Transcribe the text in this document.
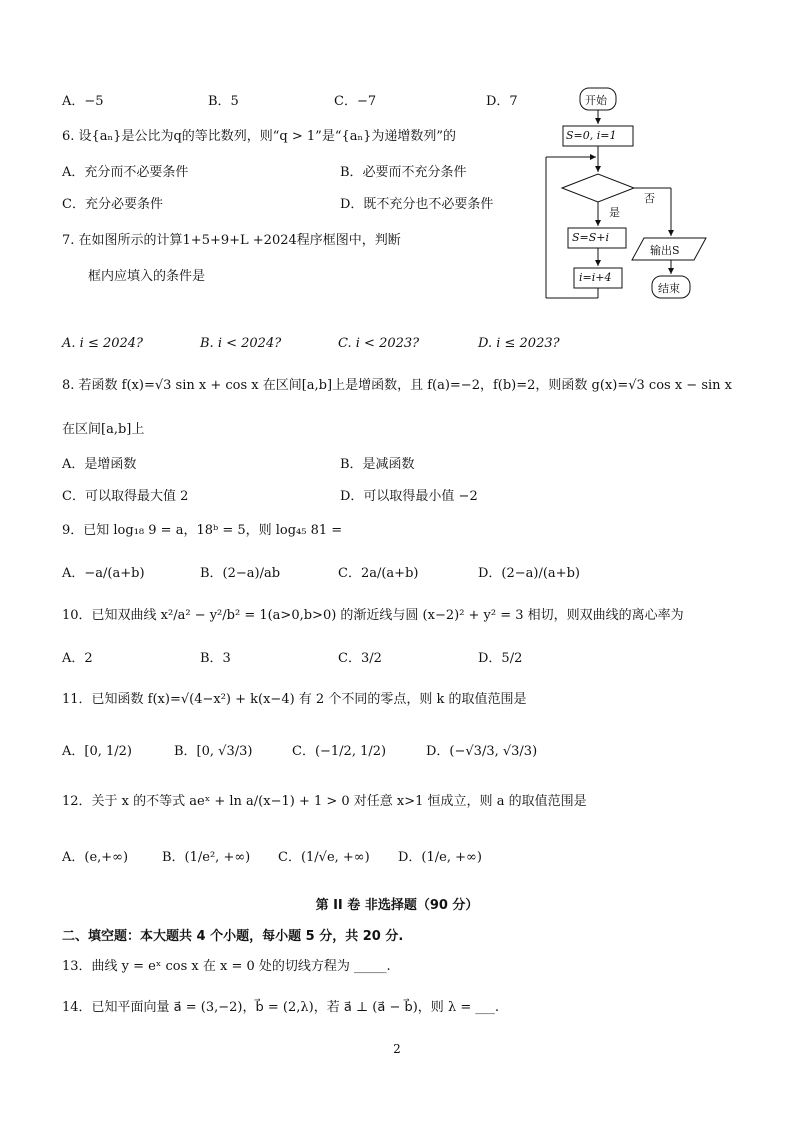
A．−5	B．5	C．−7	D．7
6. 设{aₙ}是公比为q的等比数列，则“q > 1”是“{aₙ}为递增数列”的
A．充分而不必要条件	B．必要而不充分条件
C．充分必要条件	D．既不充分也不必要条件
7. 在如图所示的计算1+5+9+L +2024程序框图中，判断
框内应填入的条件是
A. i ≤ 2024?	B. i < 2024?	C. i < 2023?	D. i ≤ 2023?
开始
S=0, i=1
否
是
S=S+i
i=i+4
输出S
结束
8. 若函数 f(x)=√3 sin x + cos x 在区间[a,b]上是增函数，且 f(a)=−2，f(b)=2，则函数 g(x)=√3 cos x − sin x
在区间[a,b]上
A．是增函数	B．是减函数
C．可以取得最大值 2	D．可以取得最小值 −2
9．已知 log₁₈ 9 = a，18ᵇ = 5，则 log₄₅ 81 =
A．−a/(a+b)	B．(2−a)/ab	C．2a/(a+b)	D．(2−a)/(a+b)
10．已知双曲线 x²/a² − y²/b² = 1(a>0,b>0) 的渐近线与圆 (x−2)² + y² = 3 相切，则双曲线的离心率为
A．2	B．3	C．3/2	D．5/2
11．已知函数 f(x)=√(4−x²) + k(x−4) 有 2 个不同的零点，则 k 的取值范围是
A．[0, 1/2)	B．[0, √3/3)	C．(−1/2, 1/2)	D．(−√3/3, √3/3)
12．关于 x 的不等式 aeˣ + ln a/(x−1) + 1 > 0 对任意 x>1 恒成立，则 a 的取值范围是
A．(e,+∞)	B．(1/e², +∞) C．(1/√e, +∞) D．(1/e, +∞)
第 II 卷 非选择题（90 分）
二、填空题：本大题共 4 个小题，每小题 5 分，共 20 分.
13．曲线 y = eˣ cos x 在 x = 0 处的切线方程为 _____.
14．已知平面向量 a⃗ = (3,−2)，b⃗ = (2,λ)，若 a⃗ ⊥ (a⃗ − b⃗)，则 λ = ___.
2
